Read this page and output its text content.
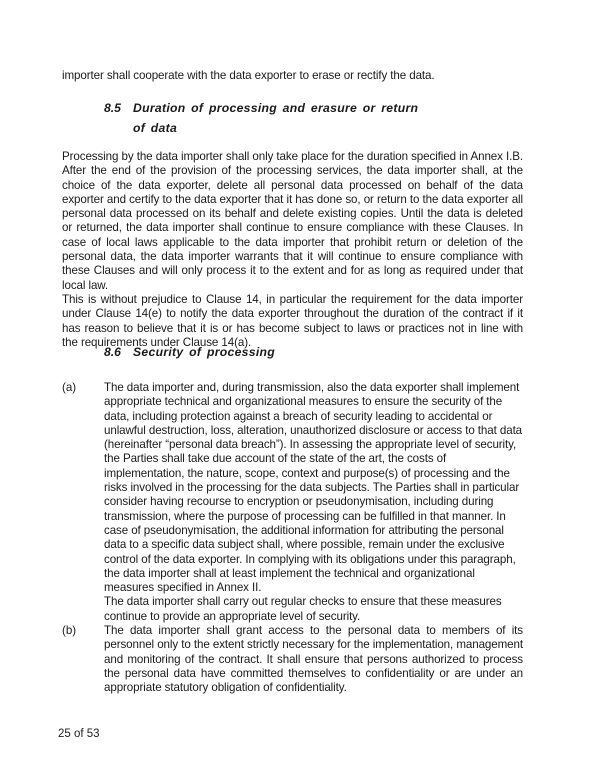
importer shall cooperate with the data exporter to erase or rectify the data.

8.5 Duration of processing and erasure or return of data

Processing by the data importer shall only take place for the duration specified in Annex I.B. After the end of the provision of the processing services, the data importer shall, at the choice of the data exporter, delete all personal data processed on behalf of the data exporter and certify to the data exporter that it has done so, or return to the data exporter all personal data processed on its behalf and delete existing copies. Until the data is deleted or returned, the data importer shall continue to ensure compliance with these Clauses. In case of local laws applicable to the data importer that prohibit return or deletion of the personal data, the data importer warrants that it will continue to ensure compliance with these Clauses and will only process it to the extent and for as long as required under that local law.

This is without prejudice to Clause 14, in particular the requirement for the data importer under Clause 14(e) to notify the data exporter throughout the duration of the contract if it has reason to believe that it is or has become subject to laws or practices not in line with the requirements under Clause 14(a).

8.6 Security of processing
(a) The data importer and, during transmission, also the data exporter shall implement appropriate technical and organizational measures to ensure the security of the data, including protection against a breach of security leading to accidental or unlawful destruction, loss, alteration, unauthorized disclosure or access to that data (hereinafter “personal data breach”). In assessing the appropriate level of security, the Parties shall take due account of the state of the art, the costs of implementation, the nature, scope, context and purpose(s) of processing and the risks involved in the processing for the data subjects. The Parties shall in particular consider having recourse to encryption or pseudonymisation, including during transmission, where the purpose of processing can be fulfilled in that manner. In case of pseudonymisation, the additional information for attributing the personal data to a specific data subject shall, where possible, remain under the exclusive control of the data exporter. In complying with its obligations under this paragraph, the data importer shall at least implement the technical and organizational measures specified in Annex II.

The data importer shall carry out regular checks to ensure that these measures continue to provide an appropriate level of security.

(b) The data importer shall grant access to the personal data to members of its personnel only to the extent strictly necessary for the implementation, management and monitoring of the contract. It shall ensure that persons authorized to process the personal data have committed themselves to confidentiality or are under an appropriate statutory obligation of confidentiality.

25 of 53
